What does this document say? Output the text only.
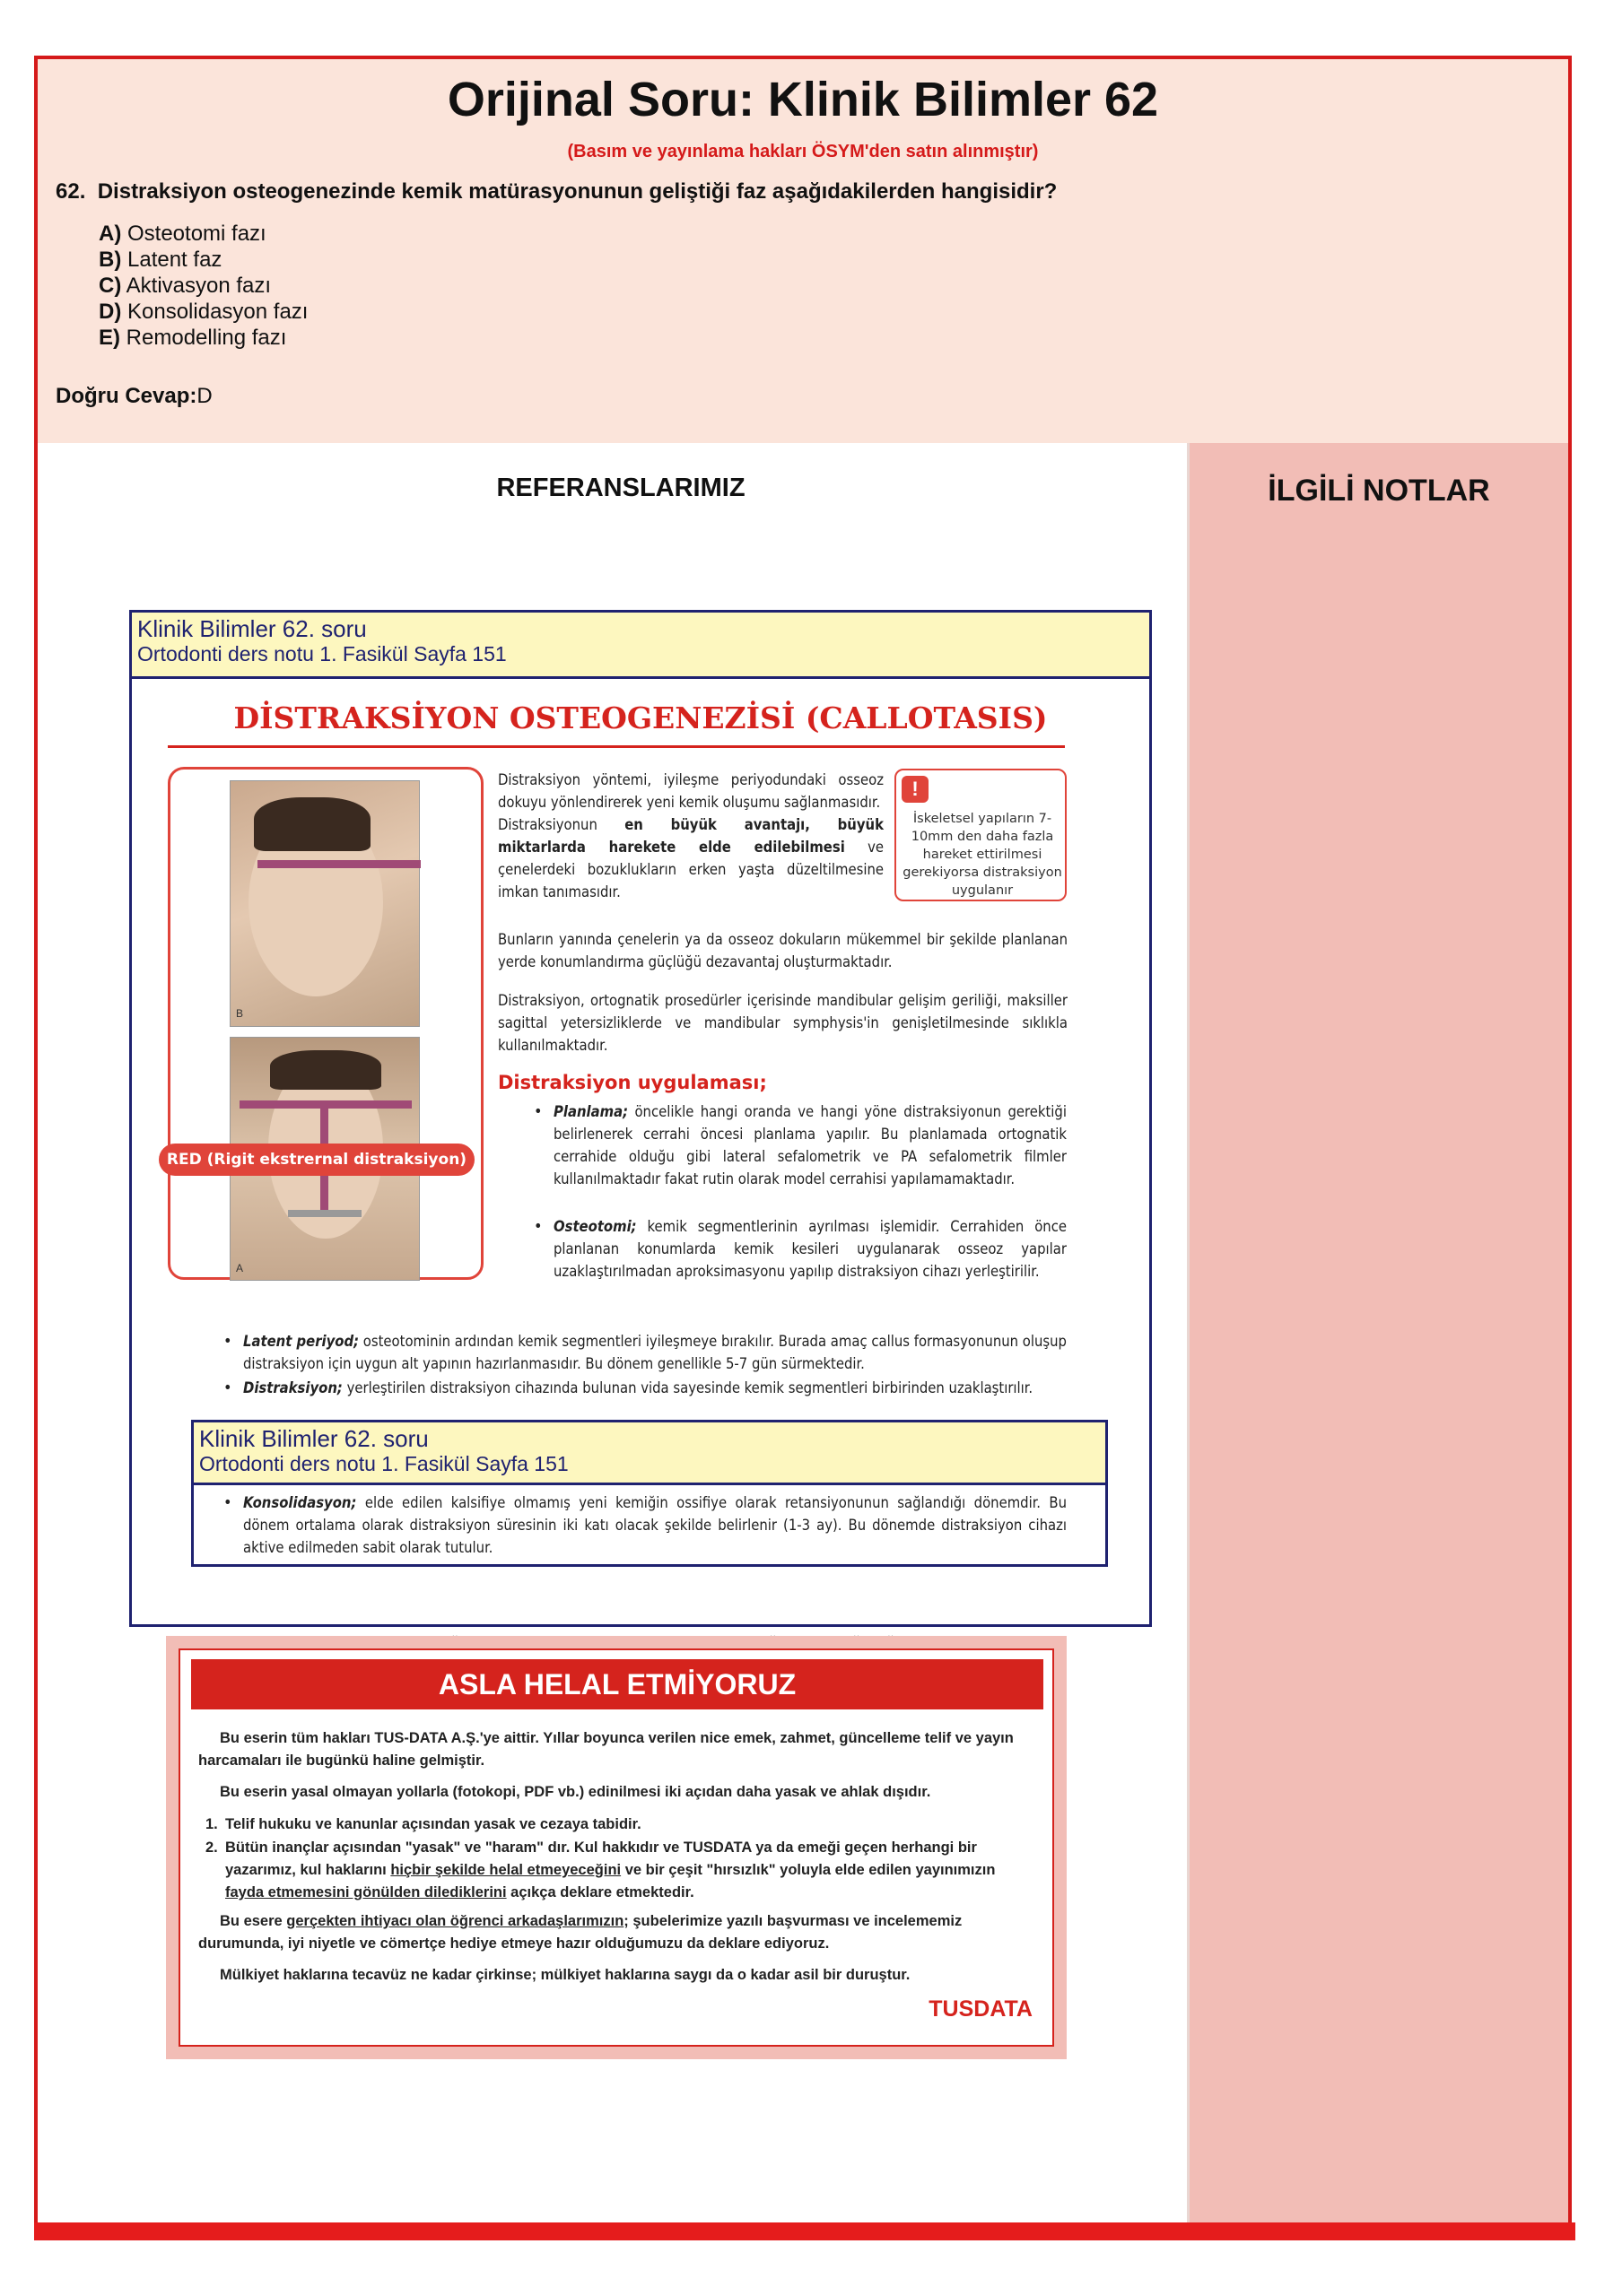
Orijinal Soru: Klinik Bilimler 62
(Basım ve yayınlama hakları ÖSYM'den satın alınmıştır)
62. Distraksiyon osteogenezinde kemik matürasyonunun geliştiği faz aşağıdakilerden hangisidir?
A) Osteotomi fazı
B) Latent faz
C) Aktivasyon fazı
D) Konsolidasyon fazı
E) Remodelling fazı
Doğru Cevap:D
REFERANSLARIMIZ	İLGİLİ NOTLAR
Klinik Bilimler 62. soru
Ortodonti ders notu 1. Fasikül Sayfa 151
DİSTRAKSİYON OSTEOGENEZİSİ (CALLOTASIS)
B
A
RED (Rigit ekstrernal distraksiyon)
Distraksiyon yöntemi, iyileşme periyodundaki osseoz dokuyu yönlendirerek yeni kemik oluşumu sağlanmasıdır.
Distraksiyonun en büyük avantajı, büyük miktarlarda harekete elde edilebilmesi ve çenelerdeki bozuklukların erken yaşta düzeltilmesine imkan tanımasıdır.
!
İskeletsel yapıların 7-10mm den daha fazla hareket ettirilmesi gerekiyorsa distraksiyon uygulanır
Bunların yanında çenelerin ya da osseoz dokuların mükemmel bir şekilde planlanan yerde konumlandırma güçlüğü dezavantaj oluşturmaktadır.
Distraksiyon, ortognatik prosedürler içerisinde mandibular gelişim geriliği, maksiller sagittal yetersizliklerde ve mandibular symphysis'in genişletilmesinde sıklıkla kullanılmaktadır.
Distraksiyon uygulaması;
• Planlama; öncelikle hangi oranda ve hangi yöne distraksiyonun gerektiği belirlenerek cerrahi öncesi planlama yapılır. Bu planlamada ortognatik cerrahide olduğu gibi lateral sefalometrik ve PA sefalometrik filmler kullanılmaktadır fakat rutin olarak model cerrahisi yapılamamaktadır.
• Osteotomi; kemik segmentlerinin ayrılması işlemidir. Cerrahiden önce planlanan konumlarda kemik kesileri uygulanarak osseoz yapılar uzaklaştırılmadan aproksimasyonu yapılıp distraksiyon cihazı yerleştirilir.
• Latent periyod; osteotominin ardından kemik segmentleri iyileşmeye bırakılır. Burada amaç callus formasyonunun oluşup distraksiyon için uygun alt yapının hazırlanmasıdır. Bu dönem genellikle 5-7 gün sürmektedir.
• Distraksiyon; yerleştirilen distraksiyon cihazında bulunan vida sayesinde kemik segmentleri birbirinden uzaklaştırılır.
Klinik Bilimler 62. soru
Ortodonti ders notu 1. Fasikül Sayfa 151
• Konsolidasyon; elde edilen kalsifiye olmamış yeni kemiğin ossifiye olarak retansiyonunun sağlandığı dönemdir. Bu dönem ortalama olarak distraksiyon süresinin iki katı olacak şekilde belirlenir (1-3 ay). Bu dönemde distraksiyon cihazı aktive edilmeden sabit olarak tutulur.
ASLA HELAL ETMİYORUZ
Bu eserin tüm hakları TUS-DATA A.Ş.'ye aittir. Yıllar boyunca verilen nice emek, zahmet, güncelleme telif ve yayın harcamaları ile bugünkü haline gelmiştir.
Bu eserin yasal olmayan yollarla (fotokopi, PDF vb.) edinilmesi iki açıdan daha yasak ve ahlak dışıdır.
1. Telif hukuku ve kanunlar açısından yasak ve cezaya tabidir.
2. Bütün inançlar açısından "yasak" ve "haram" dır. Kul hakkıdır ve TUSDATA ya da emeği geçen herhangi bir yazarımız, kul haklarını hiçbir şekilde helal etmeyeceğini ve bir çeşit "hırsızlık" yoluyla elde edilen yayınımızın fayda etmemesini gönülden dilediklerini açıkça deklare etmektedir.
Bu esere gerçekten ihtiyacı olan öğrenci arkadaşlarımızın; şubelerimize yazılı başvurması ve incelememiz durumunda, iyi niyetle ve cömertçe hediye etmeye hazır olduğumuzu da deklare ediyoruz.
Mülkiyet haklarına tecavüz ne kadar çirkinse; mülkiyet haklarına saygı da o kadar asil bir duruştur.
TUSDATA
